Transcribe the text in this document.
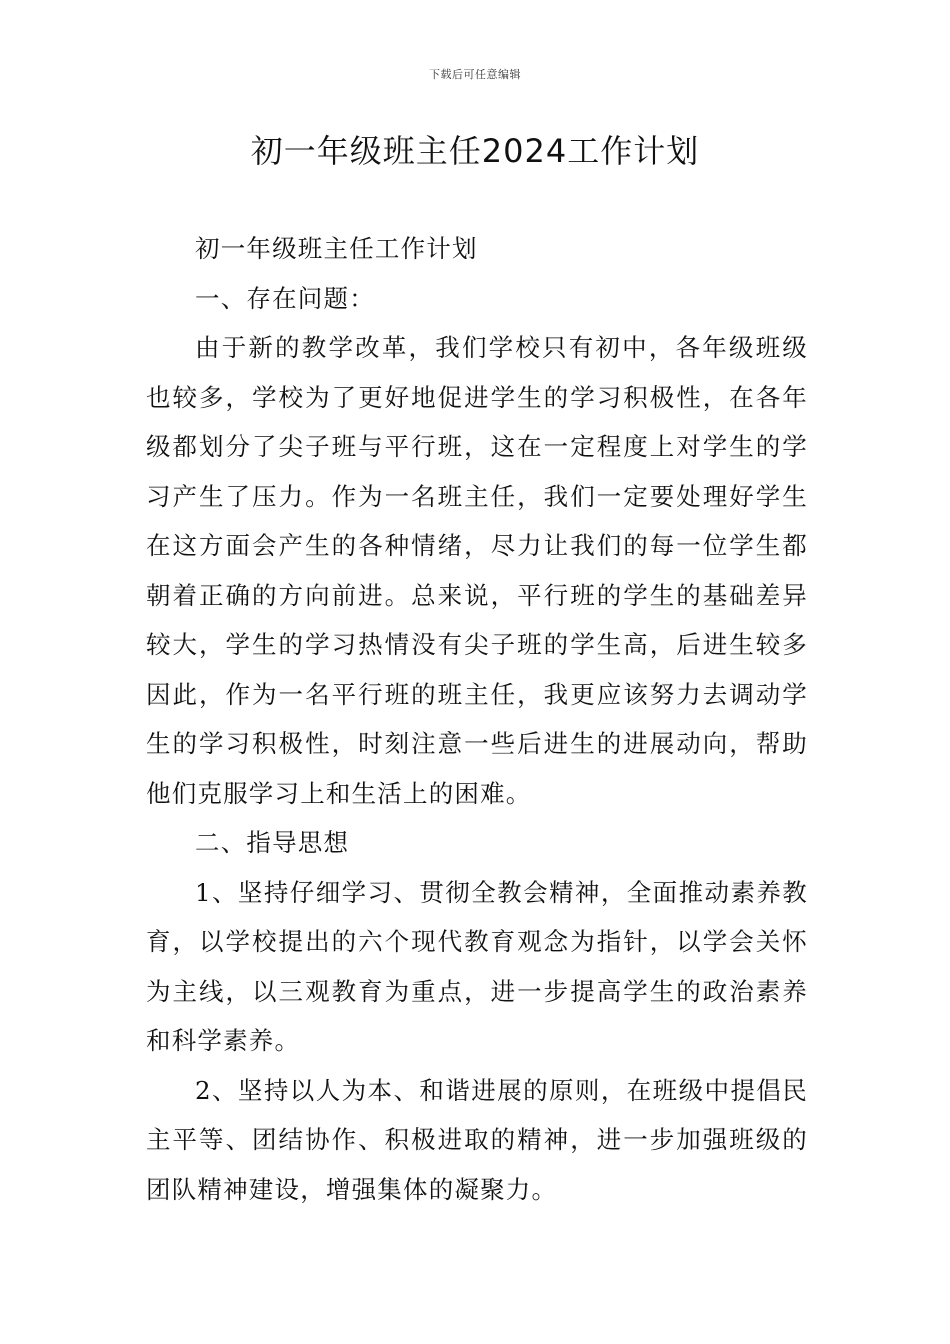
下载后可任意编辑
初一年级班主任2024工作计划

初一年级班主任工作计划

一、存在问题：

由于新的教学改革，我们学校只有初中，各年级班级也较多，学校为了更好地促进学生的学习积极性，在各年级都划分了尖子班与平行班，这在一定程度上对学生的学习产生了压力。作为一名班主任，我们一定要处理好学生在这方面会产生的各种情绪，尽力让我们的每一位学生都朝着正确的方向前进。总来说，平行班的学生的基础差异较大，学生的学习热情没有尖子班的学生高，后进生较多因此，作为一名平行班的班主任，我更应该努力去调动学生的学习积极性，时刻注意一些后进生的进展动向，帮助他们克服学习上和生活上的困难。

二、指导思想

1、坚持仔细学习、贯彻全教会精神，全面推动素养教育，以学校提出的六个现代教育观念为指针，以学会关怀为主线，以三观教育为重点，进一步提高学生的政治素养和科学素养。

2、坚持以人为本、和谐进展的原则，在班级中提倡民主平等、团结协作、积极进取的精神，进一步加强班级的团队精神建设，增强集体的凝聚力。
